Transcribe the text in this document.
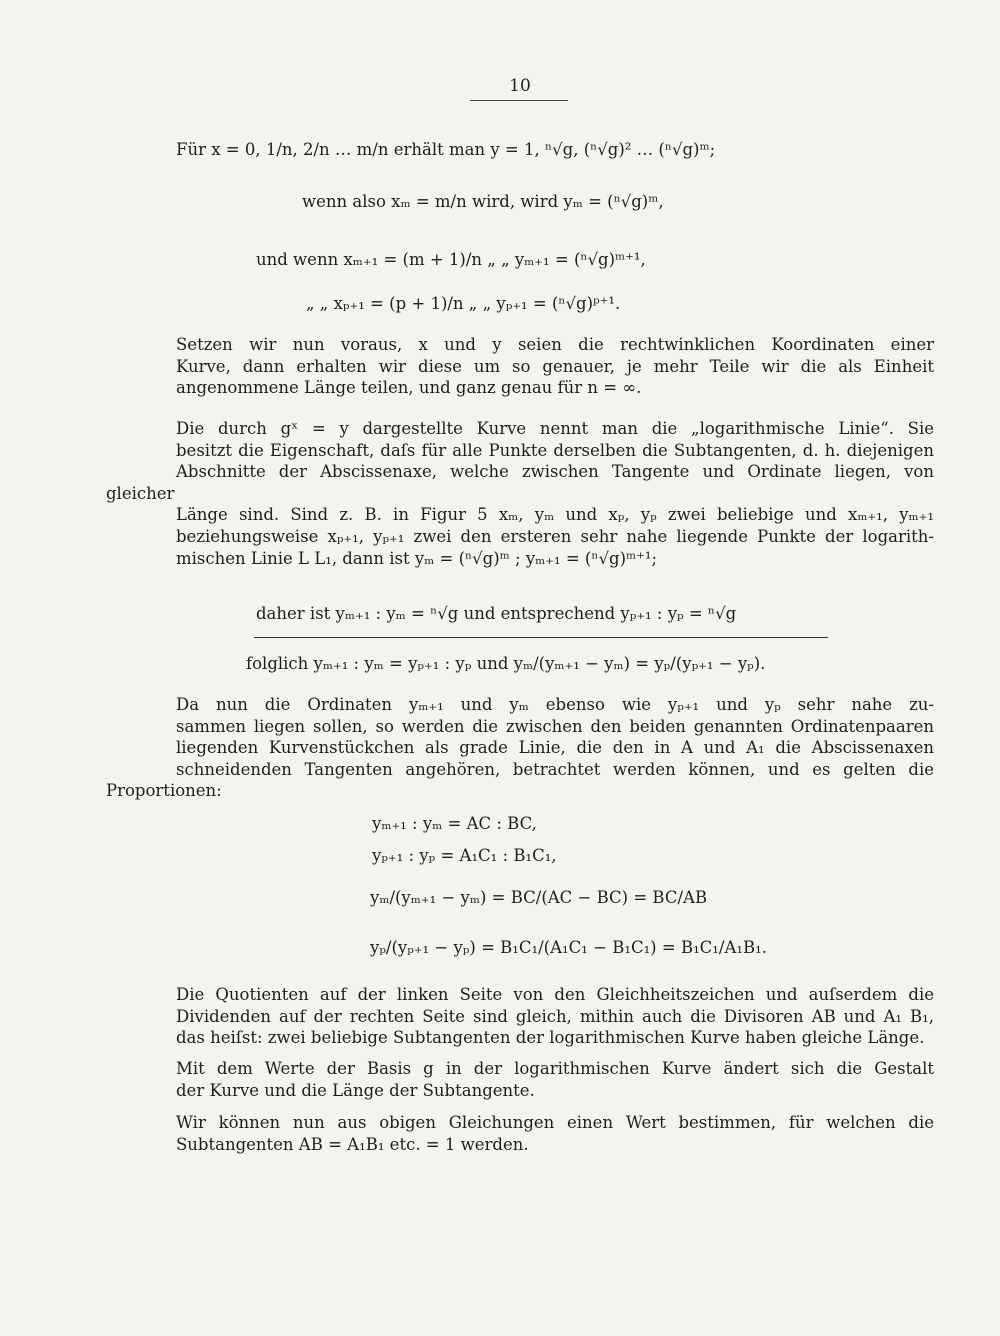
10
Für x = 0, 1/n, 2/n … m/n erhält man y = 1, ⁿ√g, (ⁿ√g)² … (ⁿ√g)ᵐ;
wenn also xₘ = m/n wird, wird yₘ = (ⁿ√g)ᵐ,
und wenn xₘ₊₁ = (m + 1)/n „ „ yₘ₊₁ = (ⁿ√g)ᵐ⁺¹,
„ „ xₚ₊₁ = (p + 1)/n „ „ yₚ₊₁ = (ⁿ√g)ᵖ⁺¹.
Setzen wir nun voraus, x und y seien die rechtwinklichen Koordinaten einer
Kurve, dann erhalten wir diese um so genauer, je mehr Teile wir die als Einheit
angenommene Länge teilen, und ganz genau für n = ∞.
Die durch gˣ = y dargestellte Kurve nennt man die „logarithmische Linie“. Sie
besitzt die Eigenschaft, daſs für alle Punkte derselben die Subtangenten, d. h. diejenigen
Abschnitte der Abscissenaxe, welche zwischen Tangente und Ordinate liegen, von gleicher
Länge sind. Sind z. B. in Figur 5 xₘ, yₘ und xₚ, yₚ zwei beliebige und xₘ₊₁, yₘ₊₁
beziehungsweise xₚ₊₁, yₚ₊₁ zwei den ersteren sehr nahe liegende Punkte der logarith-
mischen Linie L L₁, dann ist yₘ = (ⁿ√g)ᵐ ; yₘ₊₁ = (ⁿ√g)ᵐ⁺¹;
daher ist yₘ₊₁ : yₘ = ⁿ√g und entsprechend yₚ₊₁ : yₚ = ⁿ√g
folglich yₘ₊₁ : yₘ = yₚ₊₁ : yₚ und yₘ/(yₘ₊₁ − yₘ) = yₚ/(yₚ₊₁ − yₚ).
Da nun die Ordinaten yₘ₊₁ und yₘ ebenso wie yₚ₊₁ und yₚ sehr nahe zu-
sammen liegen sollen, so werden die zwischen den beiden genannten Ordinatenpaaren
liegenden Kurvenstückchen als grade Linie, die den in A und A₁ die Abscissenaxen
schneidenden Tangenten angehören, betrachtet werden können, und es gelten die Proportionen:
yₘ₊₁ : yₘ = AC : BC,
yₚ₊₁ : yₚ = A₁C₁ : B₁C₁,
yₘ/(yₘ₊₁ − yₘ) = BC/(AC − BC) = BC/AB
yₚ/(yₚ₊₁ − yₚ) = B₁C₁/(A₁C₁ − B₁C₁) = B₁C₁/A₁B₁.
Die Quotienten auf der linken Seite von den Gleichheitszeichen und auſserdem die
Dividenden auf der rechten Seite sind gleich, mithin auch die Divisoren AB und A₁ B₁,
das heiſst: zwei beliebige Subtangenten der logarithmischen Kurve haben gleiche Länge.
Mit dem Werte der Basis g in der logarithmischen Kurve ändert sich die Gestalt
der Kurve und die Länge der Subtangente.
Wir können nun aus obigen Gleichungen einen Wert bestimmen, für welchen die
Subtangenten AB = A₁B₁ etc. = 1 werden.
